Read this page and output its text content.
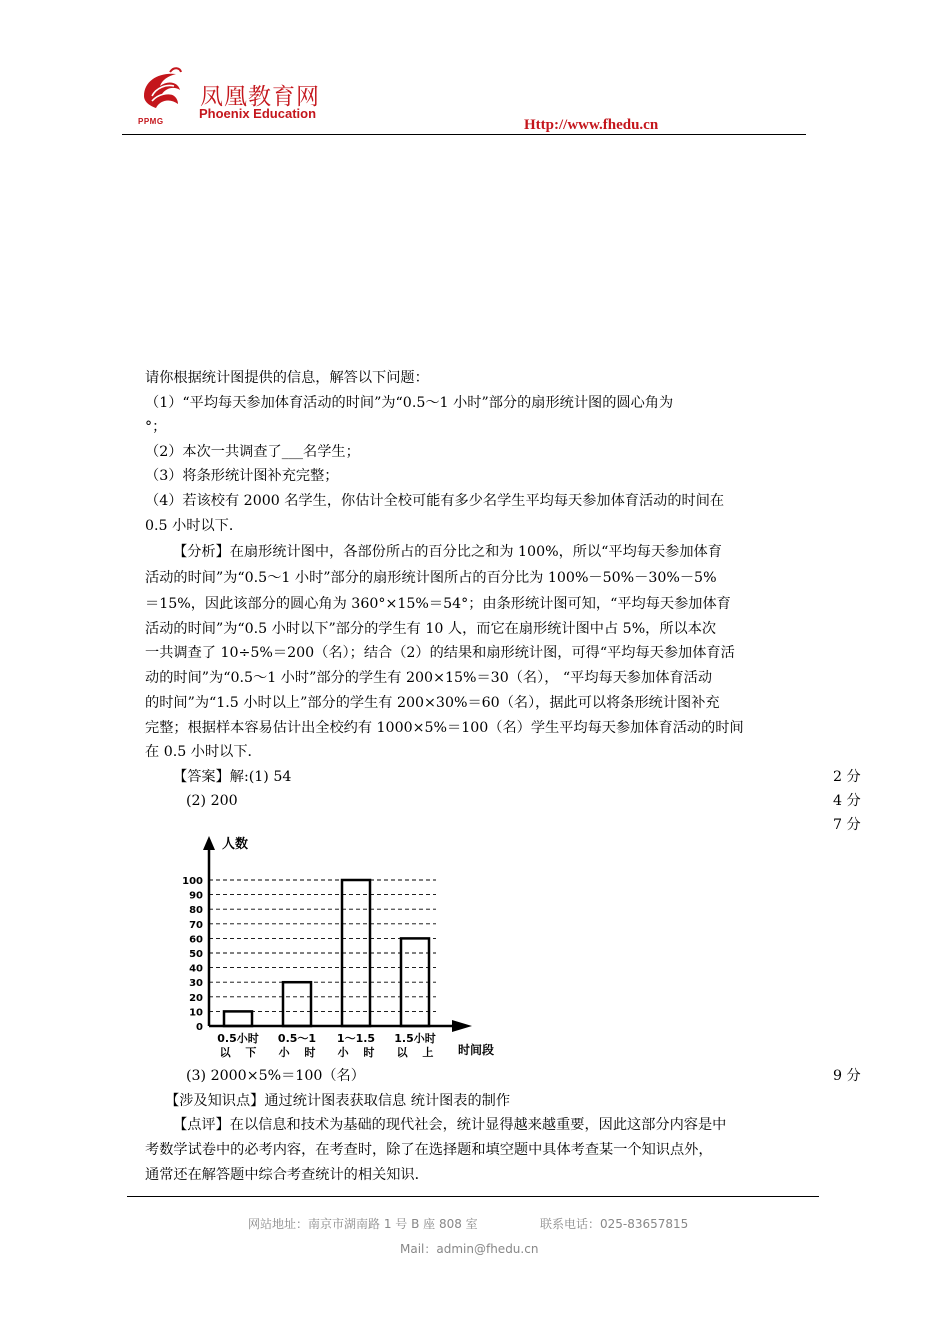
PPMG
凤凰教育网
Phoenix Education
Http://www.fhedu.cn
请你根据统计图提供的信息，解答以下问题：
（1）“平均每天参加体育活动的时间”为“0.5～1 小时”部分的扇形统计图的圆心角为
°；
（2）本次一共调查了___名学生；
（3）将条形统计图补充完整；
（4）若该校有 2000 名学生，你估计全校可能有多少名学生平均每天参加体育活动的时间在
0.5 小时以下．
【分析】在扇形统计图中，各部份所占的百分比之和为 100%，所以“平均每天参加体育
活动的时间”为“0.5～1 小时”部分的扇形统计图所占的百分比为 100%－50%－30%－5%
＝15%，因此该部分的圆心角为 360°×15%＝54°；由条形统计图可知，“平均每天参加体育
活动的时间”为“0.5 小时以下”部分的学生有 10 人，而它在扇形统计图中占 5%，所以本次
一共调查了 10÷5%＝200（名）；结合（2）的结果和扇形统计图，可得“平均每天参加体育活
动的时间”为“0.5～1 小时”部分的学生有 200×15%＝30（名）， “平均每天参加体育活动
的时间”为“1.5 小时以上”部分的学生有 200×30%＝60（名），据此可以将条形统计图补充
完整；根据样本容易估计出全校约有 1000×5%＝100（名）学生平均每天参加体育活动的时间
在 0.5 小时以下．
【答案】解:(1) 54	2 分
(2) 200	4 分
7 分
0
10
20
30
40
50
60
70
80
90
100
人数
时间段
0.5小时
以　 下
0.5～1
小　 时
1～1.5
小　 时
1.5小时
以　 上
(3) 2000×5%＝100（名）	9 分
【涉及知识点】通过统计图表获取信息 统计图表的制作
【点评】在以信息和技术为基础的现代社会，统计显得越来越重要，因此这部分内容是中
考数学试卷中的必考内容，在考查时，除了在选择题和填空题中具体考查某一个知识点外，
通常还在解答题中综合考查统计的相关知识．
网站地址：南京市湖南路 1 号 B 座 808 室	联系电话：025-83657815
Mail：admin@fhedu.cn
